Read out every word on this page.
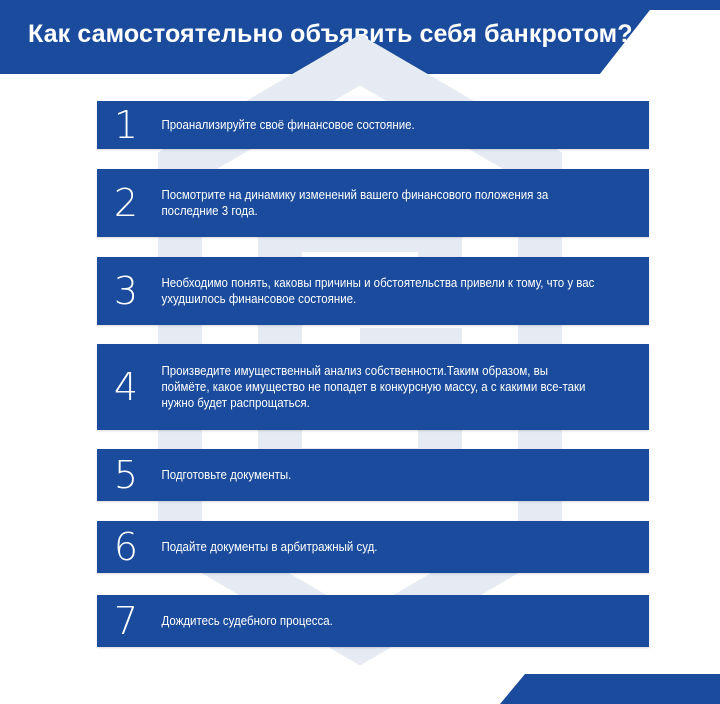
Как самостоятельно объявить себя банкротом?
1	Проанализируйте своё финансовое состояние.
2	Посмотрите на динамику изменений вашего финансового положения за последние 3 года.
3	Необходимо понять, каковы причины и обстоятельства привели к тому, что у вас ухудшилось финансовое состояние.
4	Произведите имущественный анализ собственности.Таким образом, вы поймёте, какое имущество не попадет в конкурсную массу, а с какими все-таки нужно будет распрощаться.
5	Подготовьте документы.
6	Подайте документы в арбитражный суд.
7	Дождитесь судебного процесса.
